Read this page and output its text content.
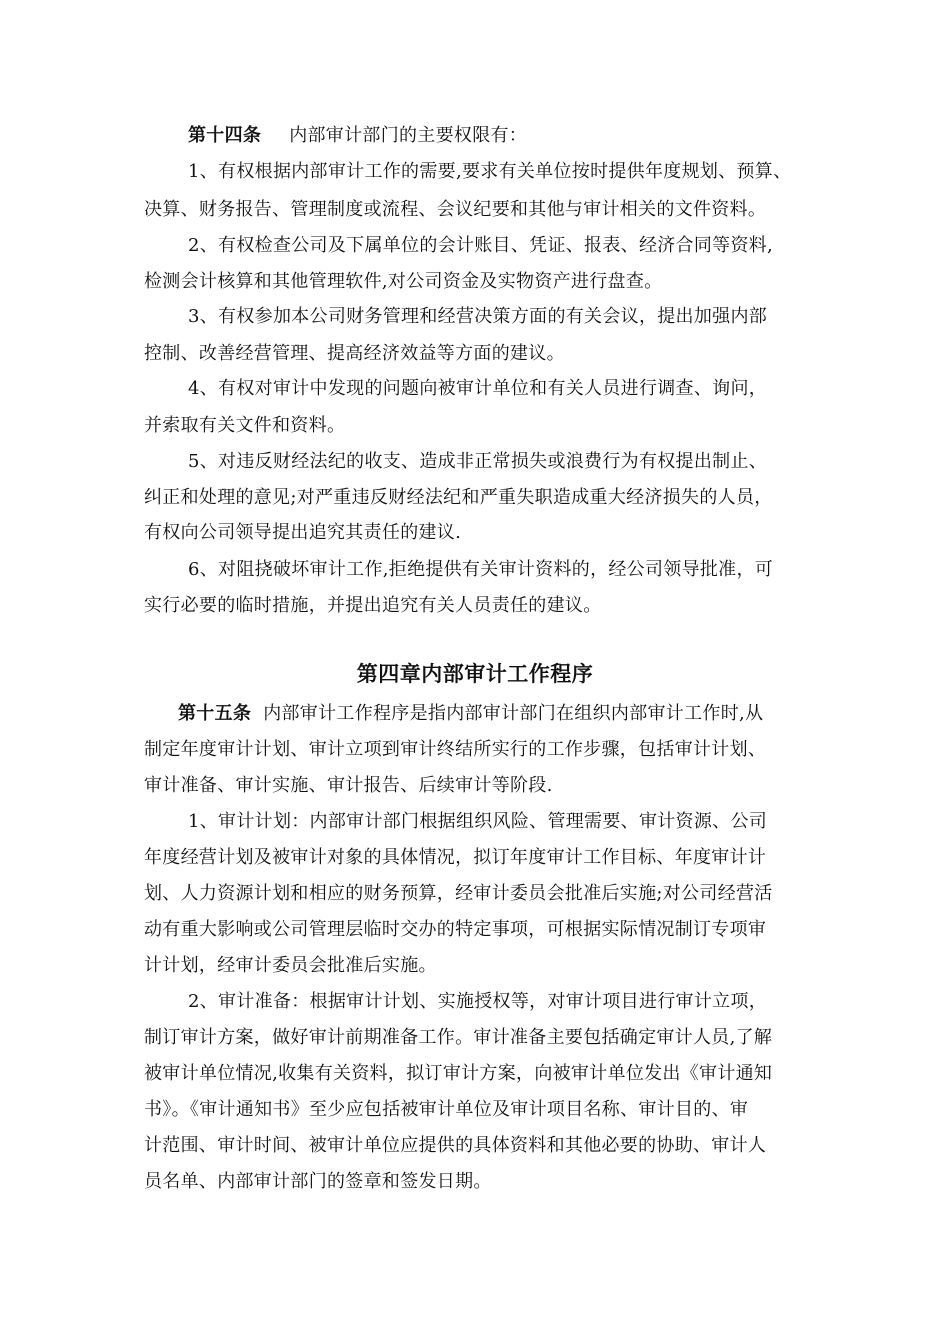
第十四条 内部审计部门的主要权限有：
1、有权根据内部审计工作的需要,要求有关单位按时提供年度规划、预算、
决算、财务报告、管理制度或流程、会议纪要和其他与审计相关的文件资料。
2、有权检查公司及下属单位的会计账目、凭证、报表、经济合同等资料,
检测会计核算和其他管理软件,对公司资金及实物资产进行盘查。
3、有权参加本公司财务管理和经营决策方面的有关会议，提出加强内部
控制、改善经营管理、提高经济效益等方面的建议。
4、有权对审计中发现的问题向被审计单位和有关人员进行调查、询问，
并索取有关文件和资料。
5、对违反财经法纪的收支、造成非正常损失或浪费行为有权提出制止、
纠正和处理的意见;对严重违反财经法纪和严重失职造成重大经济损失的人员，
有权向公司领导提出追究其责任的建议.
6、对阻挠破坏审计工作,拒绝提供有关审计资料的，经公司领导批准，可
实行必要的临时措施，并提出追究有关人员责任的建议。
第四章内部审计工作程序
第十五条 内部审计工作程序是指内部审计部门在组织内部审计工作时,从
制定年度审计计划、审计立项到审计终结所实行的工作步骤，包括审计计划、
审计准备、审计实施、审计报告、后续审计等阶段.
1、审计计划：内部审计部门根据组织风险、管理需要、审计资源、公司
年度经营计划及被审计对象的具体情况，拟订年度审计工作目标、年度审计计
划、人力资源计划和相应的财务预算，经审计委员会批准后实施;对公司经营活
动有重大影响或公司管理层临时交办的特定事项，可根据实际情况制订专项审
计计划，经审计委员会批准后实施。
2、审计准备：根据审计计划、实施授权等，对审计项目进行审计立项，
制订审计方案，做好审计前期准备工作。审计准备主要包括确定审计人员,了解
被审计单位情况,收集有关资料，拟订审计方案，向被审计单位发出《审计通知
书》。《审计通知书》至少应包括被审计单位及审计项目名称、审计目的、审
计范围、审计时间、被审计单位应提供的具体资料和其他必要的协助、审计人
员名单、内部审计部门的签章和签发日期。
